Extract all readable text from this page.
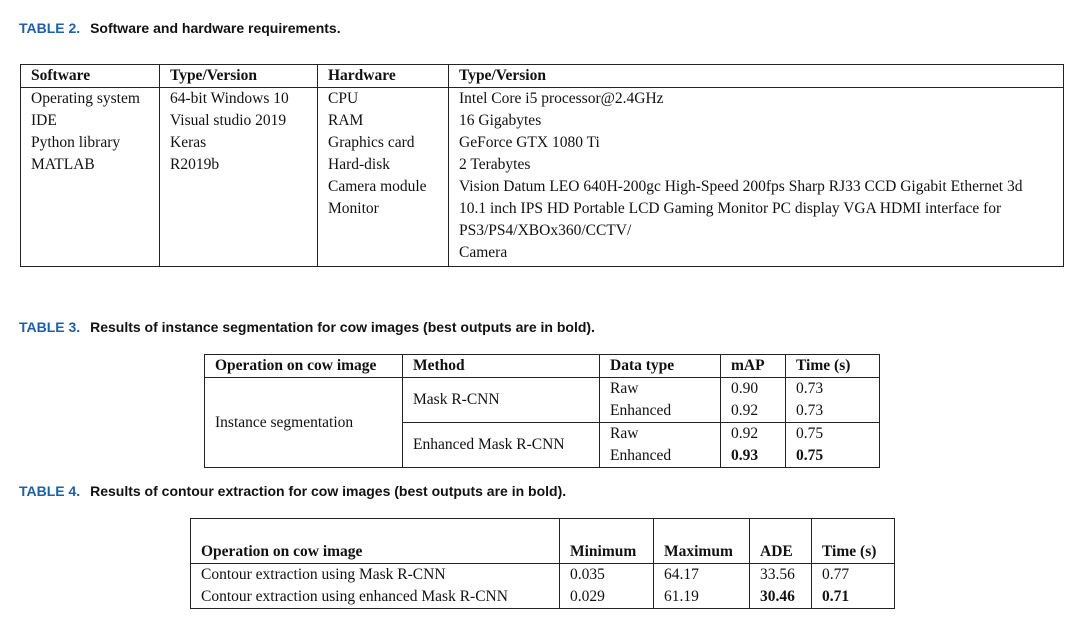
TABLE 2. Software and hardware requirements.
Software	Type/Version	Hardware	Type/Version
Operating system	64-bit Windows 10	CPU	Intel Core i5 processor@2.4GHz
IDE	Visual studio 2019	RAM	16 Gigabytes
Python library	Keras	Graphics card	GeForce GTX 1080 Ti
MATLAB	R2019b	Hard-disk	2 Terabytes
		Camera module	Vision Datum LEO 640H-200gc High-Speed 200fps Sharp RJ33 CCD Gigabit Ethernet 3d
		Monitor	10.1 inch IPS HD Portable LCD Gaming Monitor PC display VGA HDMI interface for PS3/PS4/XBOx360/CCTV/
			Camera
TABLE 3. Results of instance segmentation for cow images (best outputs are in bold).
Operation on cow image	Method	Data type	mAP	Time (s)
Instance segmentation	Mask R-CNN	Raw	0.90	0.73
		Enhanced	0.92	0.73
	Enhanced Mask R-CNN	Raw	0.92	0.75
		Enhanced	0.93	0.75
TABLE 4. Results of contour extraction for cow images (best outputs are in bold).
Operation on cow image	Minimum	Maximum	ADE	Time (s)
Contour extraction using Mask R-CNN	0.035	64.17	33.56	0.77
Contour extraction using enhanced Mask R-CNN	0.029	61.19	30.46	0.71
